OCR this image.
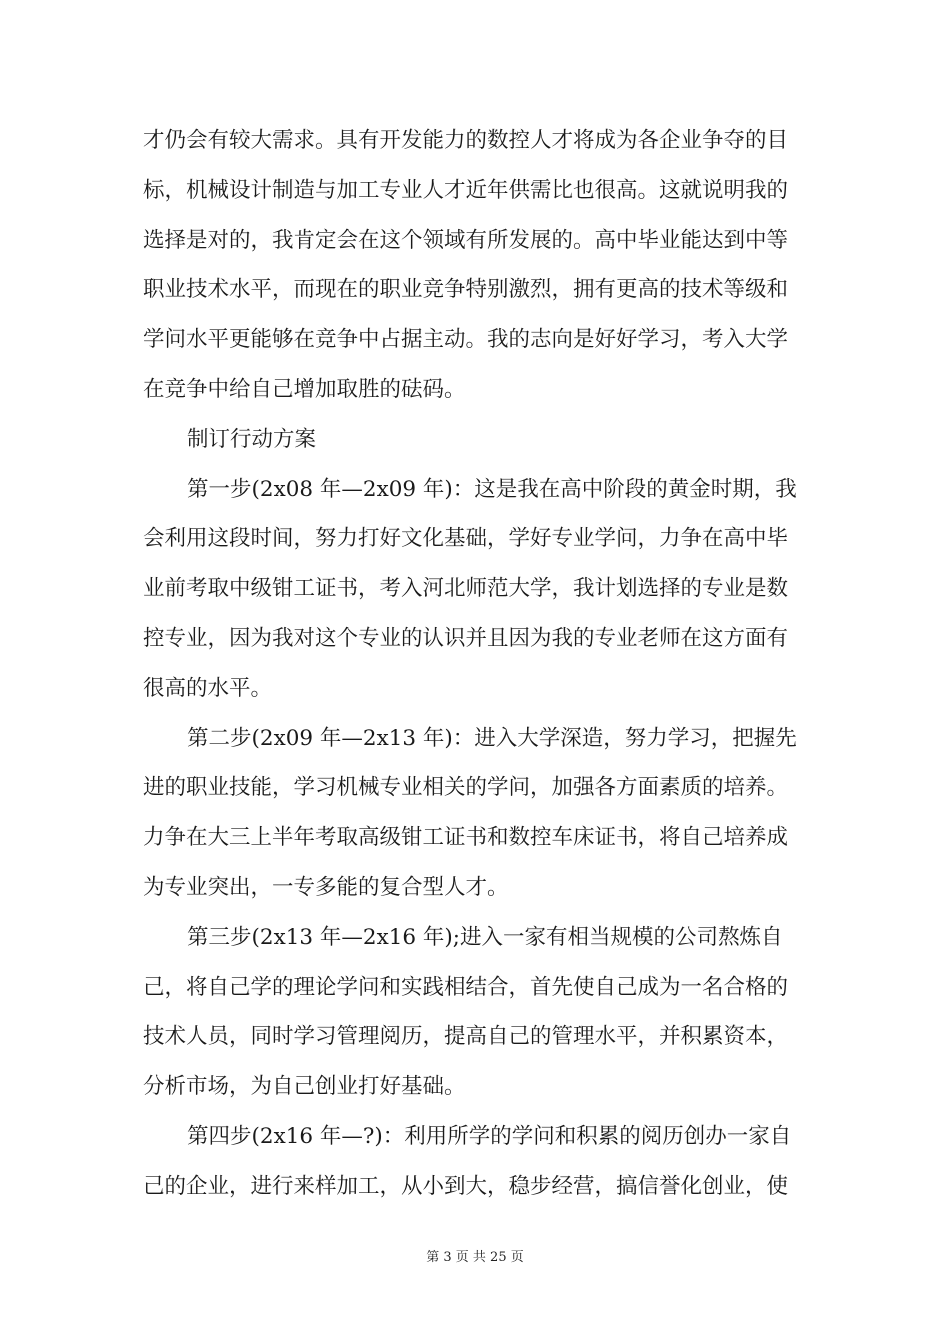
才仍会有较大需求。具有开发能力的数控人才将成为各企业争夺的目
标，机械设计制造与加工专业人才近年供需比也很高。这就说明我的
选择是对的，我肯定会在这个领域有所发展的。高中毕业能达到中等
职业技术水平，而现在的职业竞争特别激烈，拥有更高的技术等级和
学问水平更能够在竞争中占据主动。我的志向是好好学习，考入大学
在竞争中给自己增加取胜的砝码。
制订行动方案
第一步(2x08 年—2x09 年)：这是我在高中阶段的黄金时期，我
会利用这段时间，努力打好文化基础，学好专业学问，力争在高中毕
业前考取中级钳工证书，考入河北师范大学，我计划选择的专业是数
控专业，因为我对这个专业的认识并且因为我的专业老师在这方面有
很高的水平。
第二步(2x09 年—2x13 年)：进入大学深造，努力学习，把握先
进的职业技能，学习机械专业相关的学问，加强各方面素质的培养。
力争在大三上半年考取高级钳工证书和数控车床证书，将自己培养成
为专业突出，一专多能的复合型人才。
第三步(2x13 年—2x16 年);进入一家有相当规模的公司熬炼自
己，将自己学的理论学问和实践相结合，首先使自己成为一名合格的
技术人员，同时学习管理阅历，提高自己的管理水平，并积累资本，
分析市场，为自己创业打好基础。
第四步(2x16 年—?)：利用所学的学问和积累的阅历创办一家自
己的企业，进行来样加工，从小到大，稳步经营，搞信誉化创业，使
第 3 页 共 25 页
